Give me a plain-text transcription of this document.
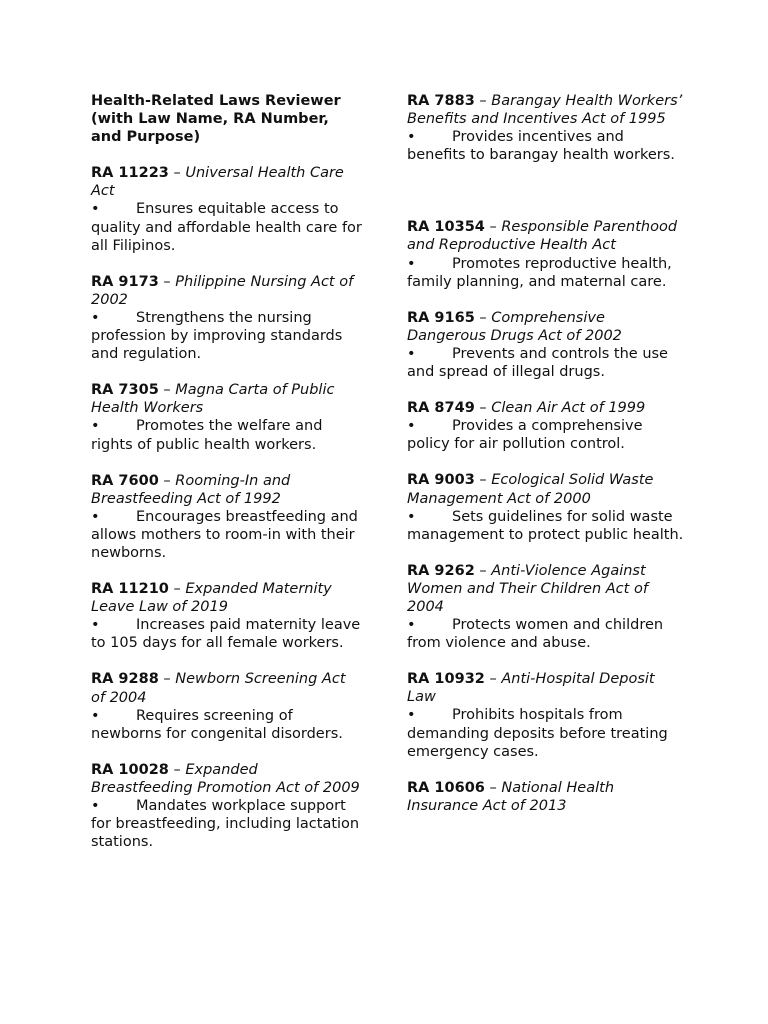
Health-Related Laws Reviewer (with Law Name, RA Number, and Purpose)

RA 11223 – Universal Health Care Act

•	Ensures equitable access to quality and affordable health care for all Filipinos.

RA 9173 – Philippine Nursing Act of 2002

•	Strengthens the nursing profession by improving standards and regulation.

RA 7305 – Magna Carta of Public Health Workers

•	Promotes the welfare and rights of public health workers.

RA 7600 – Rooming-In and Breastfeeding Act of 1992

•	Encourages breastfeeding and allows mothers to room-in with their newborns.

RA 11210 – Expanded Maternity Leave Law of 2019

•	Increases paid maternity leave to 105 days for all female workers.

RA 9288 – Newborn Screening Act of 2004

•	Requires screening of newborns for congenital disorders.

RA 10028 – Expanded Breastfeeding Promotion Act of 2009

•	Mandates workplace support for breastfeeding, including lactation stations.

RA 7883 – Barangay Health Workers’ Benefits and Incentives Act of 1995

•	Provides incentives and benefits to barangay health workers.

RA 10354 – Responsible Parenthood and Reproductive Health Act

•	Promotes reproductive health, family planning, and maternal care.

RA 9165 – Comprehensive Dangerous Drugs Act of 2002

•	Prevents and controls the use and spread of illegal drugs.

RA 8749 – Clean Air Act of 1999

•	Provides a comprehensive policy for air pollution control.

RA 9003 – Ecological Solid Waste Management Act of 2000

•	Sets guidelines for solid waste management to protect public health.

RA 9262 – Anti-Violence Against Women and Their Children Act of 2004

•	Protects women and children from violence and abuse.

RA 10932 – Anti-Hospital Deposit Law

•	Prohibits hospitals from demanding deposits before treating emergency cases.

RA 10606 – National Health Insurance Act of 2013
